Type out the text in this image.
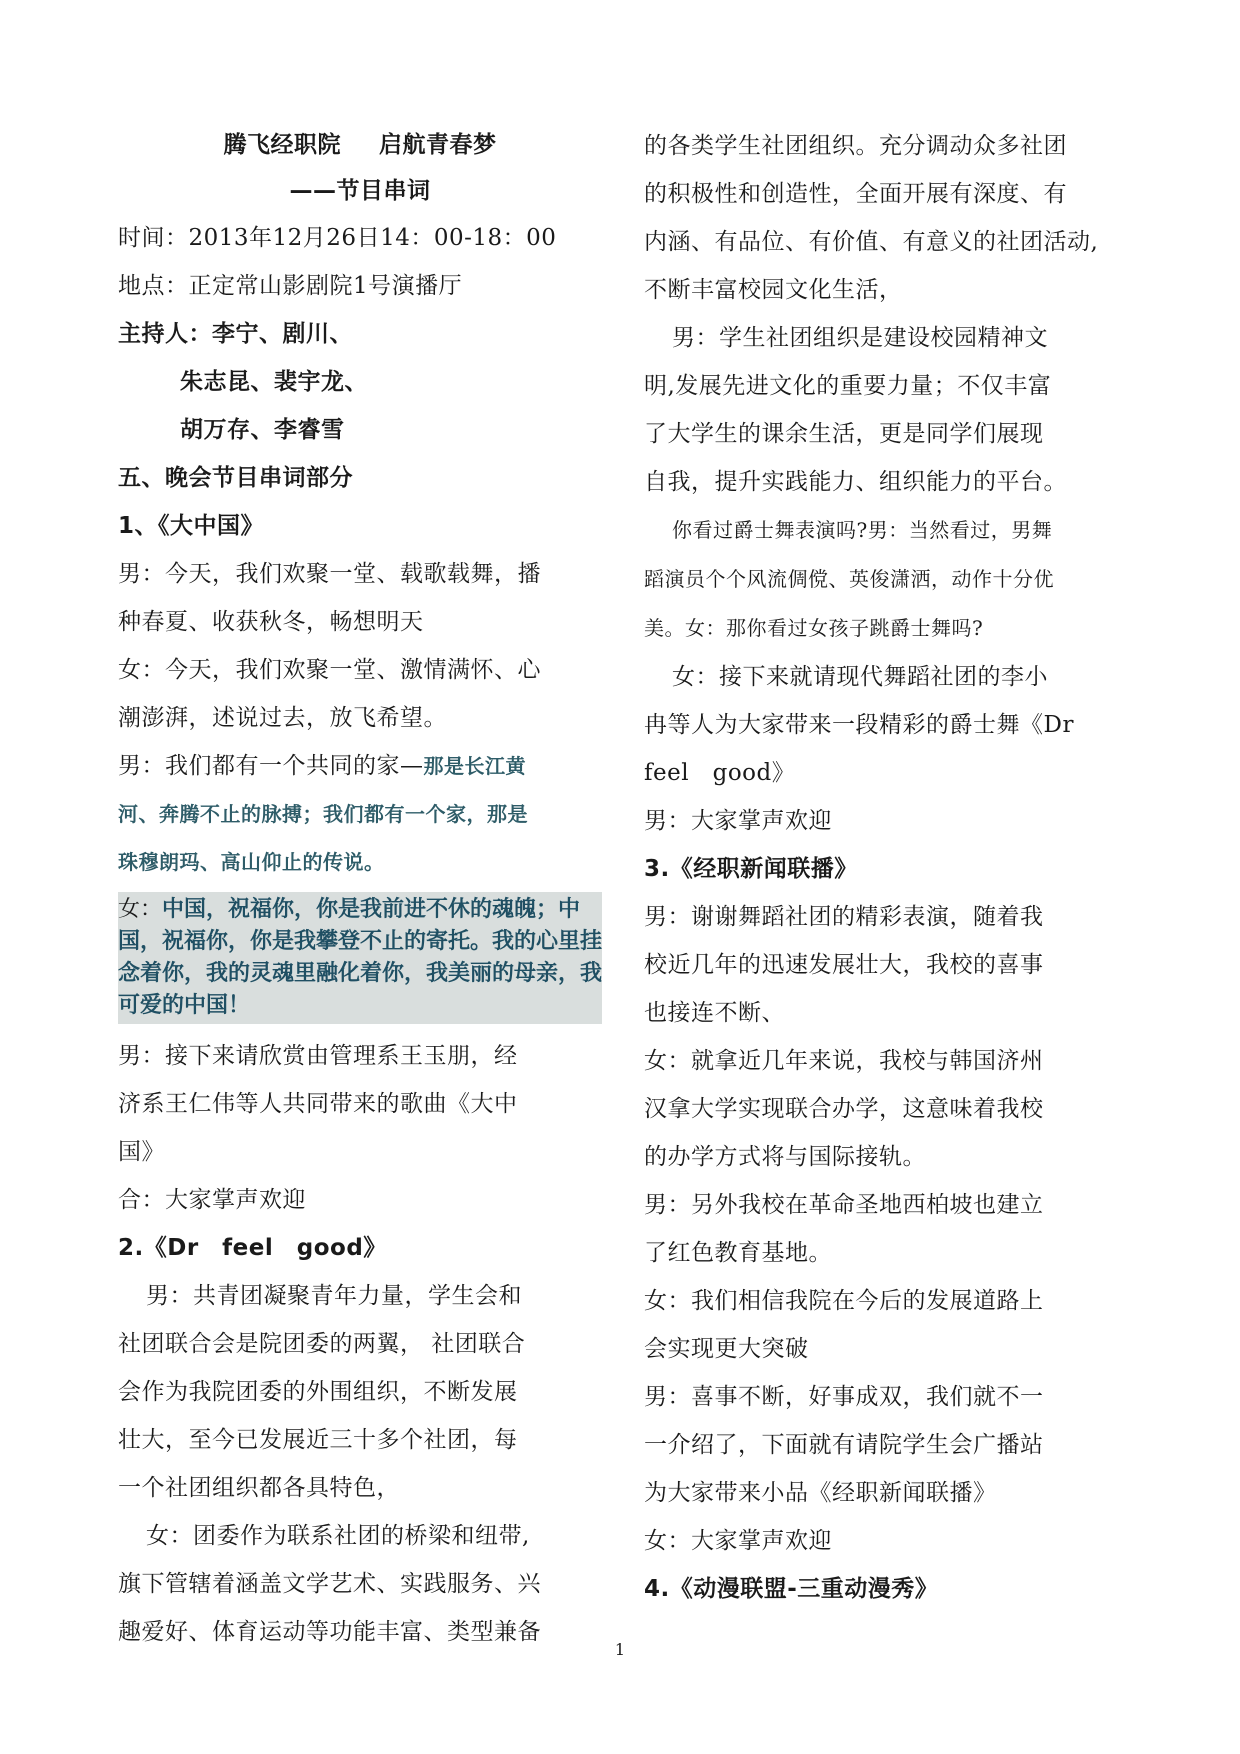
腾飞经职院 启航青春梦

——节目串词

时间：2013年12月26日14：00-18：00

地点：正定常山影剧院1号演播厅

主持人：李宁、剧川、

朱志昆、裴宇龙、

胡万存、李睿雪

五、晚会节目串词部分

1、《大中国》

男：今天，我们欢聚一堂、载歌载舞，播

种春夏、收获秋冬，畅想明天

女：今天，我们欢聚一堂、激情满怀、心

潮澎湃，述说过去，放飞希望。

男：我们都有一个共同的家—那是长江黄

河、奔腾不止的脉搏；我们都有一个家，那是

珠穆朗玛、高山仰止的传说。

女：中国，祝福你，你是我前进不休的魂魄；中国，祝福你，你是我攀登不止的寄托。我的心里挂念着你，我的灵魂里融化着你，我美丽的母亲，我可爱的中国！

男：接下来请欣赏由管理系王玉朋，经

济系王仁伟等人共同带来的歌曲《大中

国》

合：大家掌声欢迎

2.《Dr　feel　good》

男：共青团凝聚青年力量，学生会和

社团联合会是院团委的两翼， 社团联合

会作为我院团委的外围组织，不断发展

壮大，至今已发展近三十多个社团，每

一个社团组织都各具特色，

女：团委作为联系社团的桥梁和纽带,

旗下管辖着涵盖文学艺术、实践服务、兴

趣爱好、体育运动等功能丰富、类型兼备

的各类学生社团组织。充分调动众多社团

的积极性和创造性，全面开展有深度、有

内涵、有品位、有价值、有意义的社团活动,

不断丰富校园文化生活，

男：学生社团组织是建设校园精神文

明,发展先进文化的重要力量；不仅丰富

了大学生的课余生活，更是同学们展现

自我，提升实践能力、组织能力的平台。

你看过爵士舞表演吗?男：当然看过，男舞

蹈演员个个风流倜傥、英俊潇洒，动作十分优

美。女：那你看过女孩子跳爵士舞吗?

女：接下来就请现代舞蹈社团的李小

冉等人为大家带来一段精彩的爵士舞《Dr

feel　good》

男：大家掌声欢迎

3.《经职新闻联播》

男：谢谢舞蹈社团的精彩表演，随着我

校近几年的迅速发展壮大，我校的喜事

也接连不断、

女：就拿近几年来说，我校与韩国济州

汉拿大学实现联合办学，这意味着我校

的办学方式将与国际接轨。

男：另外我校在革命圣地西柏坡也建立

了红色教育基地。

女：我们相信我院在今后的发展道路上

会实现更大突破

男：喜事不断，好事成双，我们就不一

一介绍了，下面就有请院学生会广播站

为大家带来小品《经职新闻联播》

女：大家掌声欢迎

4.《动漫联盟-三重动漫秀》

1
